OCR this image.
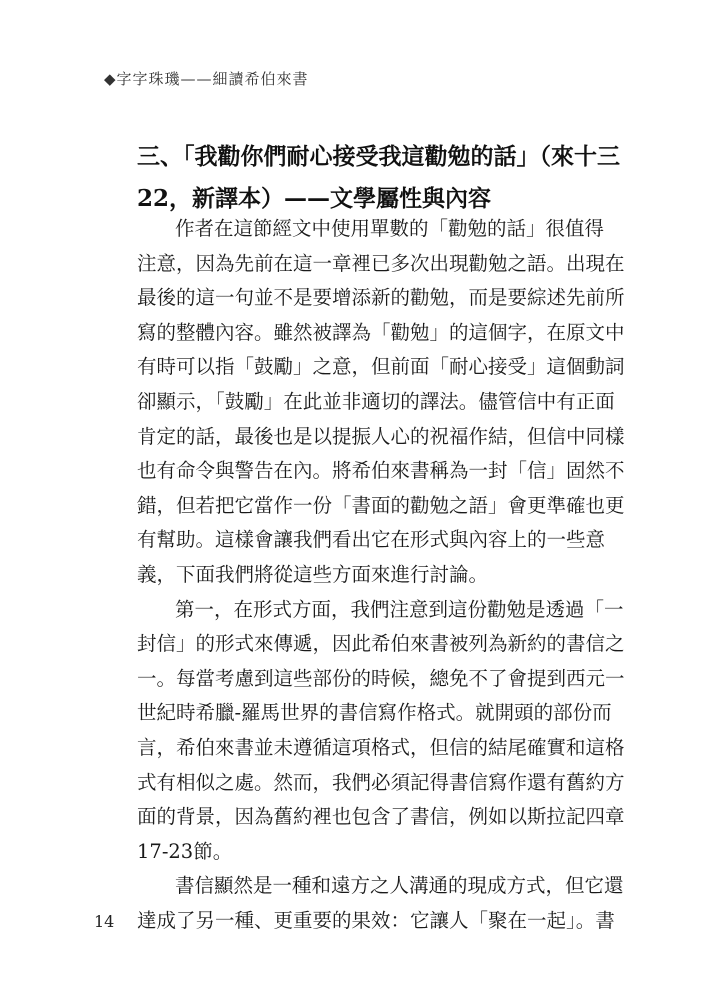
◆字字珠璣——細讀希伯來書
三、「我勸你們耐心接受我這勸勉的話」（來十三
22，新譯本）——文學屬性與內容
作者在這節經文中使用單數的「勸勉的話」很值得
注意，因為先前在這一章裡已多次出現勸勉之語。出現在
最後的這一句並不是要增添新的勸勉，而是要綜述先前所
寫的整體內容。雖然被譯為「勸勉」的這個字，在原文中
有時可以指「鼓勵」之意，但前面「耐心接受」這個動詞
卻顯示，「鼓勵」在此並非適切的譯法。儘管信中有正面
肯定的話，最後也是以提振人心的祝福作結，但信中同樣
也有命令與警告在內。將希伯來書稱為一封「信」固然不
錯，但若把它當作一份「書面的勸勉之語」會更準確也更
有幫助。這樣會讓我們看出它在形式與內容上的一些意
義，下面我們將從這些方面來進行討論。
第一，在形式方面，我們注意到這份勸勉是透過「一
封信」的形式來傳遞，因此希伯來書被列為新約的書信之
一。每當考慮到這些部份的時候，總免不了會提到西元一
世紀時希臘-羅馬世界的書信寫作格式。就開頭的部份而
言，希伯來書並未遵循這項格式，但信的結尾確實和這格
式有相似之處。然而，我們必須記得書信寫作還有舊約方
面的背景，因為舊約裡也包含了書信，例如以斯拉記四章
17-23節。
書信顯然是一種和遠方之人溝通的現成方式，但它還
達成了另一種、更重要的果效：它讓人「聚在一起」。書
14
